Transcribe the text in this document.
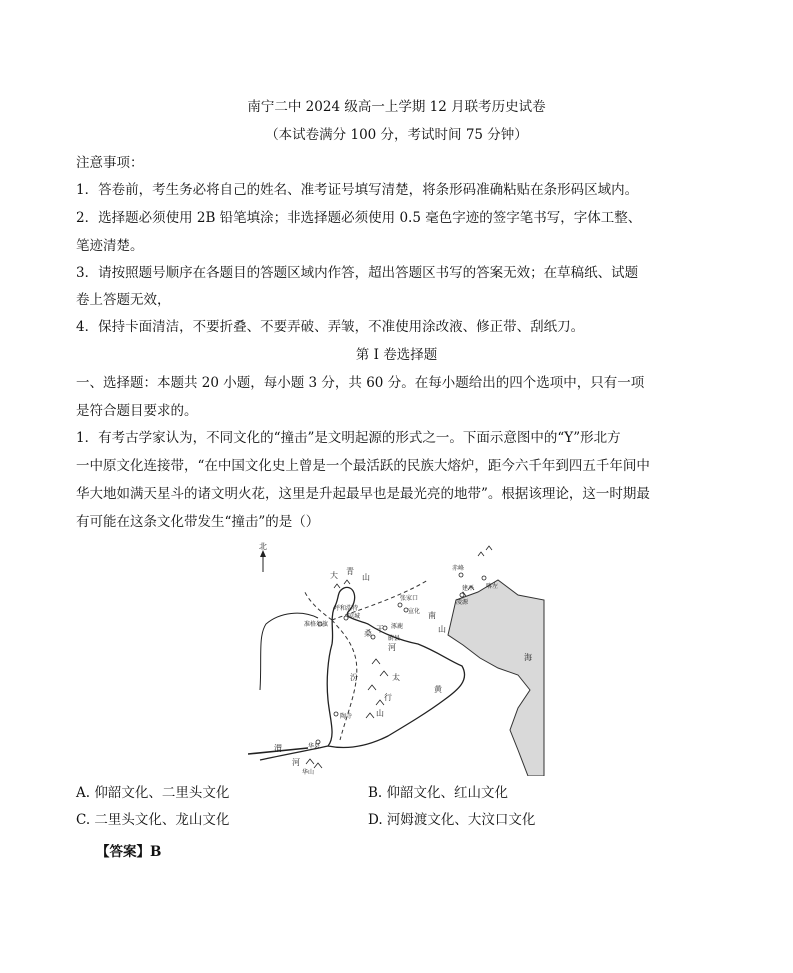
南宁二中 2024 级高一上学期 12 月联考历史试卷
（本试卷满分 100 分，考试时间 75 分钟）
注意事项：
1．答卷前，考生务必将自己的姓名、准考证号填写清楚，将条形码准确粘贴在条形码区域内。
2．选择题必须使用 2B 铅笔填涂；非选择题必须使用 0.5 毫色字迹的签字笔书写，字体工整、
笔迹清楚。
3．请按照题号顺序在各题目的答题区域内作答，超出答题区书写的答案无效；在草稿纸、试题
卷上答题无效，
4．保持卡面清洁，不要折叠、不要弄破、弄皱，不准使用涂改液、修正带、刮纸刀。
第 I 卷选择题
一、选择题：本题共 20 小题，每小题 3 分，共 60 分。在每小题给出的四个选项中，只有一项
是符合题目要求的。
1．有考古学家认为，不同文化的“撞击”是文明起源的形式之一。下面示意图中的“Y”形北方
一中原文化连接带，“在中国文化史上曾是一个最活跃的民族大熔炉，距今六千年到四五千年间中
华大地如满天星斗的诸文明火花，这里是升起最早也是最光亮的地带”。根据该理论，这一时期最
有可能在这条文化带发生“撞击”的是（）
北
赤峰
建平
凌源
喀左
张家口
宣化
大 青
山
呼和浩特
凉城
准格尔旗
蔚县
涿鹿
桑 干
河
汾	太
行
山
陶寺
华县
华山
渭
黄
河
南
山
海
A. 仰韶文化、二里头文化	B. 仰韶文化、红山文化
C. 二里头文化、龙山文化	D. 河姆渡文化、大汶口文化
【答案】B
